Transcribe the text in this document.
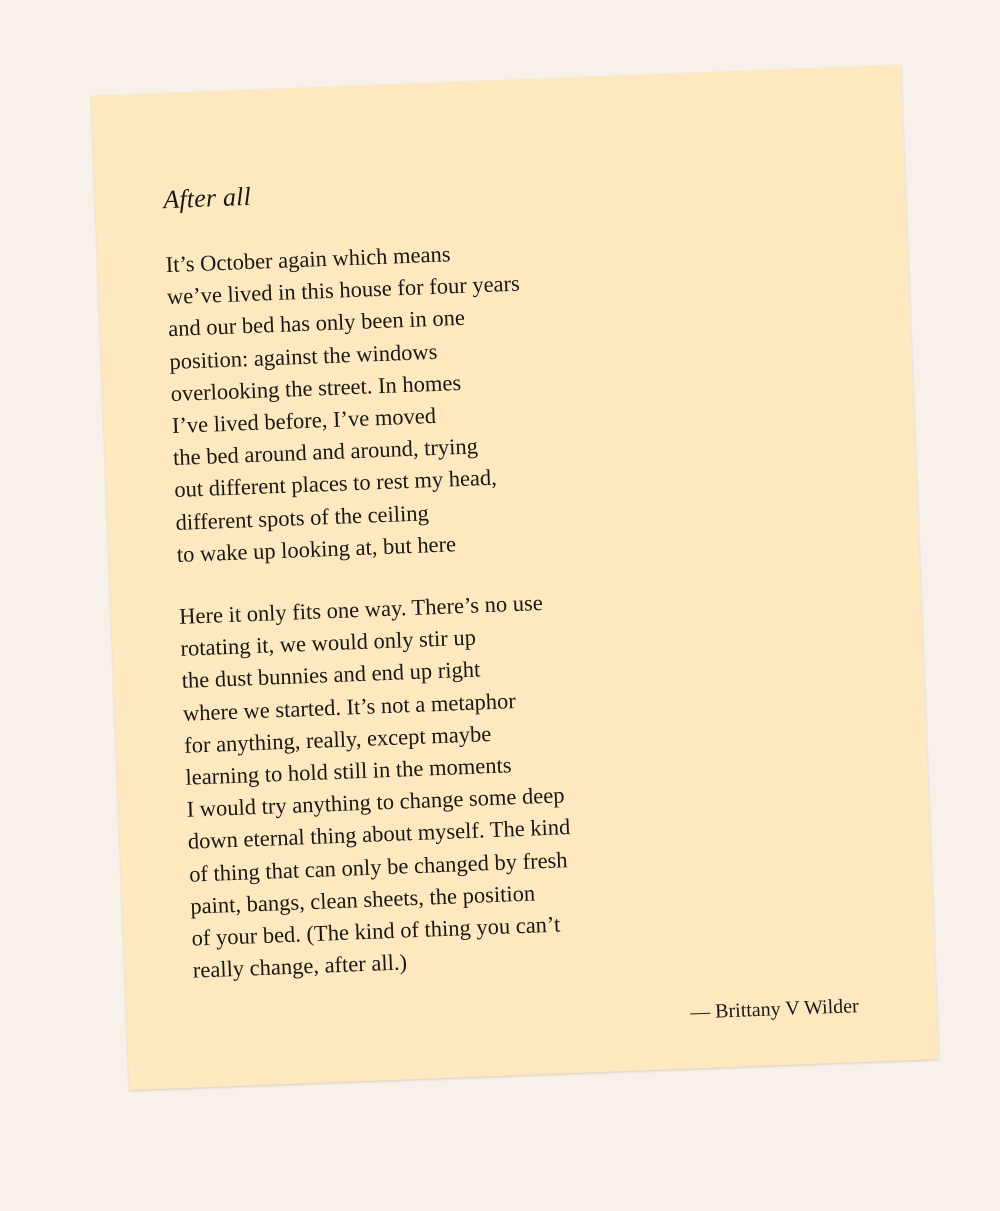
After all
It’s October again which means
we’ve lived in this house for four years
and our bed has only been in one
position: against the windows
overlooking the street. In homes
I’ve lived before, I’ve moved
the bed around and around, trying
out different places to rest my head,
different spots of the ceiling
to wake up looking at, but here
Here it only fits one way. There’s no use
rotating it, we would only stir up
the dust bunnies and end up right
where we started. It’s not a metaphor
for anything, really, except maybe
learning to hold still in the moments
I would try anything to change some deep
down eternal thing about myself. The kind
of thing that can only be changed by fresh
paint, bangs, clean sheets, the position
of your bed. (The kind of thing you can’t
really change, after all.)
— Brittany V Wilder
